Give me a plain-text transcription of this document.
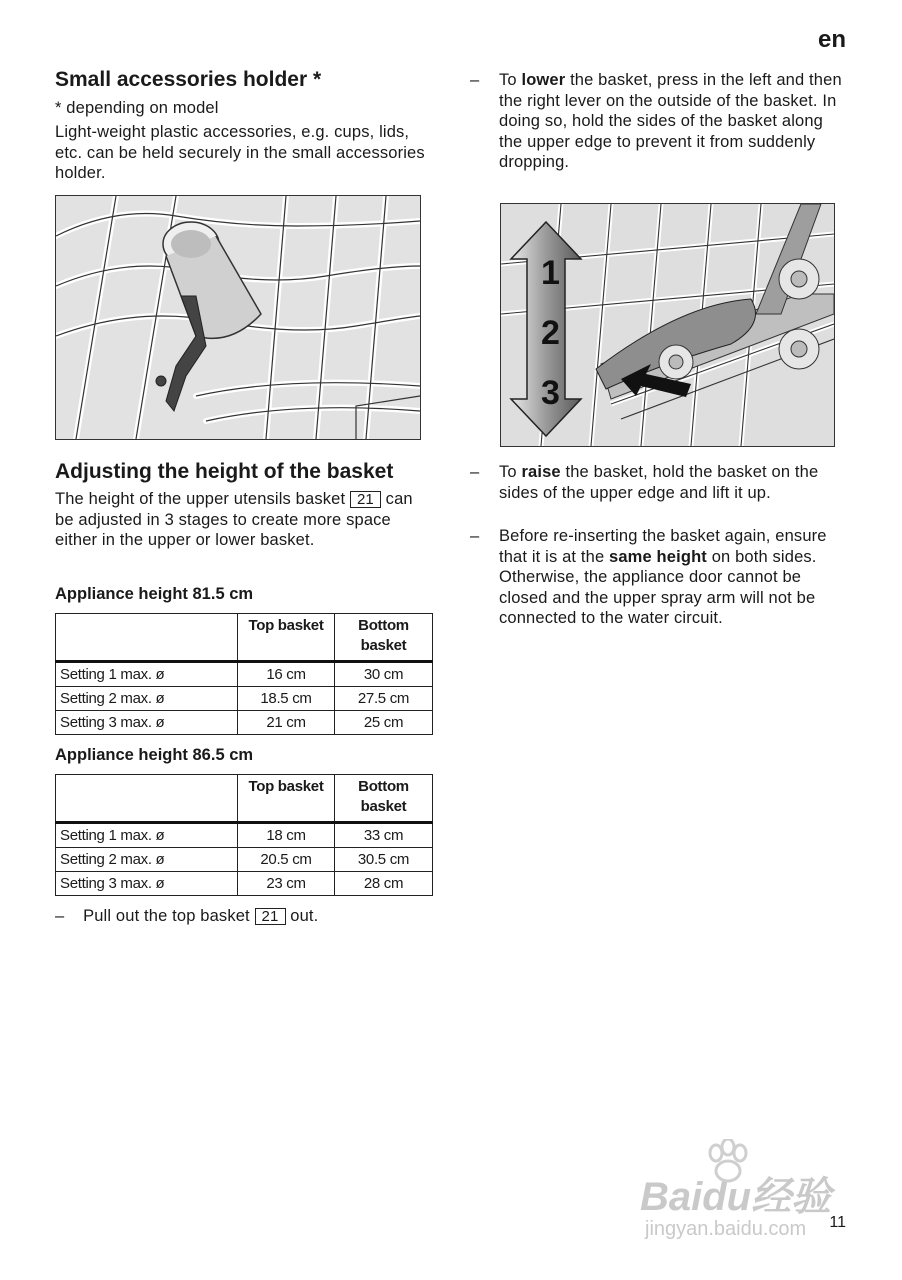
en
Small accessories holder *
* depending on model
Light-weight plastic accessories, e.g. cups, lids, etc. can be held securely in the small accessories holder.
Adjusting the height of the basket
The height of the upper utensils basket 21 can be adjusted in 3 stages to create more space either in the upper or lower basket.
Appliance height 81.5 cm
	Top basket	Bottom basket
Setting 1 max. ø	16 cm	30 cm
Setting 2 max. ø	18.5 cm	27.5 cm
Setting 3 max. ø	21 cm	25 cm
Appliance height 86.5 cm
	Top basket	Bottom basket
Setting 1 max. ø	18 cm	33 cm
Setting 2 max. ø	20.5 cm	30.5 cm
Setting 3 max. ø	23 cm	28 cm
– Pull out the top basket 21 out.
–	To lower the basket, press in the left and then the right lever on the outside of the basket. In doing so, hold the sides of the basket along the upper edge to prevent it from suddenly dropping.
1
2
3
–	To raise the basket, hold the basket on the sides of the upper edge and lift it up.
–	Before re-inserting the basket again, ensure that it is at the same height on both sides. Otherwise, the appliance door cannot be closed and the upper spray arm will not be connected to the water circuit.
Baidu经验
jingyan.baidu.com 11
